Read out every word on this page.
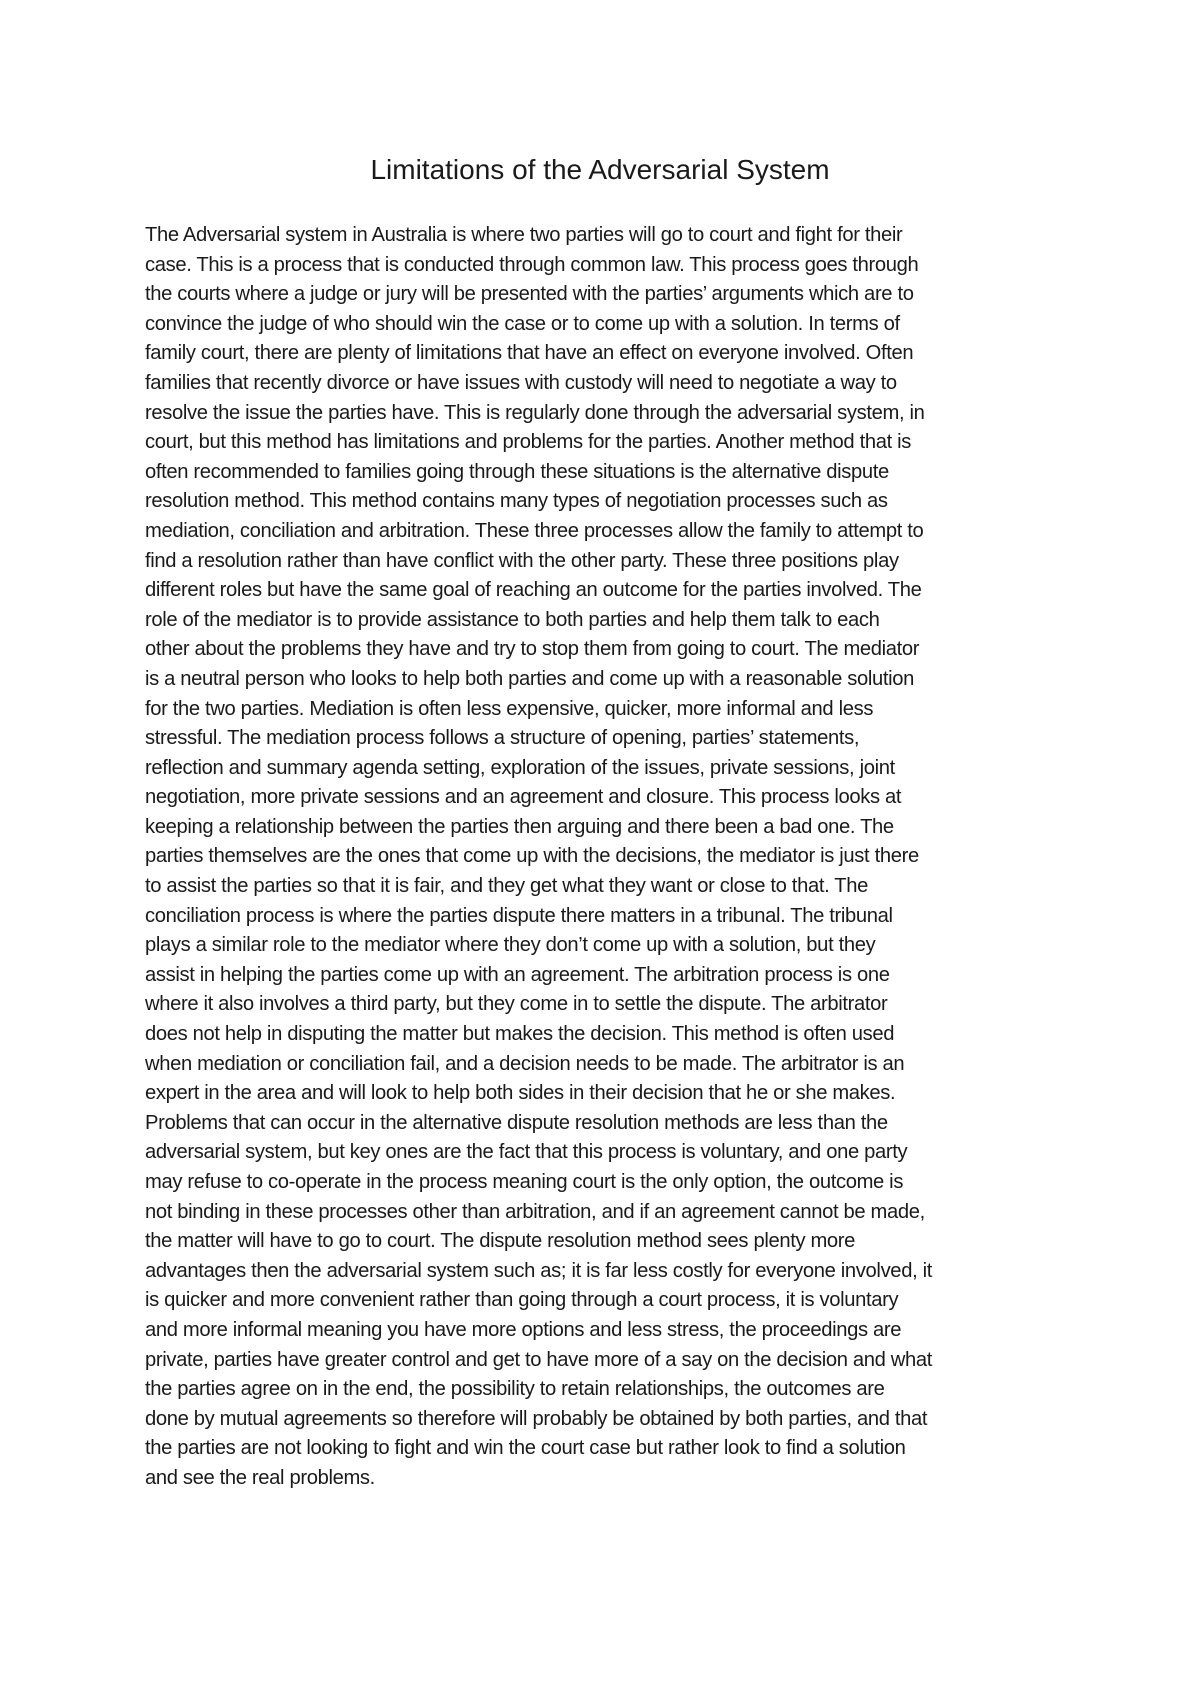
Limitations of the Adversarial System
The Adversarial system in Australia is where two parties will go to court and fight for their
case. This is a process that is conducted through common law. This process goes through
the courts where a judge or jury will be presented with the parties’ arguments which are to
convince the judge of who should win the case or to come up with a solution. In terms of
family court, there are plenty of limitations that have an effect on everyone involved. Often
families that recently divorce or have issues with custody will need to negotiate a way to
resolve the issue the parties have. This is regularly done through the adversarial system, in
court, but this method has limitations and problems for the parties. Another method that is
often recommended to families going through these situations is the alternative dispute
resolution method. This method contains many types of negotiation processes such as
mediation, conciliation and arbitration. These three processes allow the family to attempt to
find a resolution rather than have conflict with the other party. These three positions play
different roles but have the same goal of reaching an outcome for the parties involved. The
role of the mediator is to provide assistance to both parties and help them talk to each
other about the problems they have and try to stop them from going to court. The mediator
is a neutral person who looks to help both parties and come up with a reasonable solution
for the two parties. Mediation is often less expensive, quicker, more informal and less
stressful. The mediation process follows a structure of opening, parties’ statements,
reflection and summary agenda setting, exploration of the issues, private sessions, joint
negotiation, more private sessions and an agreement and closure. This process looks at
keeping a relationship between the parties then arguing and there been a bad one. The
parties themselves are the ones that come up with the decisions, the mediator is just there
to assist the parties so that it is fair, and they get what they want or close to that. The
conciliation process is where the parties dispute there matters in a tribunal. The tribunal
plays a similar role to the mediator where they don’t come up with a solution, but they
assist in helping the parties come up with an agreement. The arbitration process is one
where it also involves a third party, but they come in to settle the dispute. The arbitrator
does not help in disputing the matter but makes the decision. This method is often used
when mediation or conciliation fail, and a decision needs to be made. The arbitrator is an
expert in the area and will look to help both sides in their decision that he or she makes.
Problems that can occur in the alternative dispute resolution methods are less than the
adversarial system, but key ones are the fact that this process is voluntary, and one party
may refuse to co-operate in the process meaning court is the only option, the outcome is
not binding in these processes other than arbitration, and if an agreement cannot be made,
the matter will have to go to court. The dispute resolution method sees plenty more
advantages then the adversarial system such as; it is far less costly for everyone involved, it
is quicker and more convenient rather than going through a court process, it is voluntary
and more informal meaning you have more options and less stress, the proceedings are
private, parties have greater control and get to have more of a say on the decision and what
the parties agree on in the end, the possibility to retain relationships, the outcomes are
done by mutual agreements so therefore will probably be obtained by both parties, and that
the parties are not looking to fight and win the court case but rather look to find a solution
and see the real problems.
